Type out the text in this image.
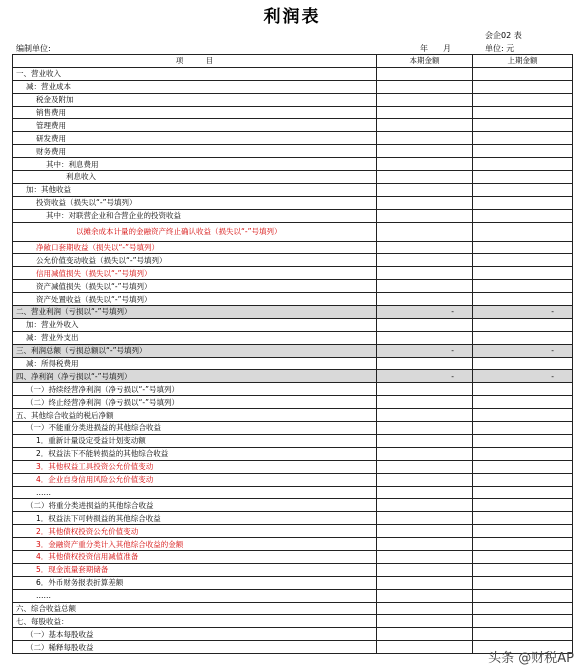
利润表
会企02 表
编制单位:	年 月	单位: 元
项　　　目	本期金额	上期金额
一、营业收入		
减：营业成本		
税金及附加		
销售费用		
管理费用		
研发费用		
财务费用		
其中：利息费用		
利息收入		
加：其他收益		
投资收益（损失以“-”号填列）		
其中：对联营企业和合营企业的投资收益		
以摊余成本计量的金融资产终止确认收益（损失以“-”号填列）		
净敞口套期收益（损失以“-”号填列）		
公允价值变动收益（损失以“-”号填列）		
信用减值损失（损失以“-”号填列）		
资产减值损失（损失以“-”号填列）		
资产处置收益（损失以“-”号填列）		
二、营业利润（亏损以“-”号填列）	-	-
加：营业外收入		
减：营业外支出		
三、利润总额（亏损总额以“-”号填列）	-	-
减：所得税费用		
四、净利润（净亏损以“-”号填列）	-	-
（一）持续经营净利润（净亏损以“-”号填列）		
（二）终止经营净利润（净亏损以“-”号填列）		
五、其他综合收益的税后净额		
（一）不能重分类进损益的其他综合收益		
1．重新计量设定受益计划变动额		
2．权益法下不能转损益的其他综合收益		
3．其他权益工具投资公允价值变动		
4．企业自身信用风险公允价值变动		
……		
（二）将重分类进损益的其他综合收益		
1．权益法下可转损益的其他综合收益		
2．其他债权投资公允价值变动		
3．金融资产重分类计入其他综合收益的金额		
4．其他债权投资信用减值准备		
5．现金流量套期储备		
6．外币财务报表折算差额		
……		
六、综合收益总额		
七、每股收益：		
（一）基本每股收益		
（二）稀释每股收益		
头条 @财税AP
